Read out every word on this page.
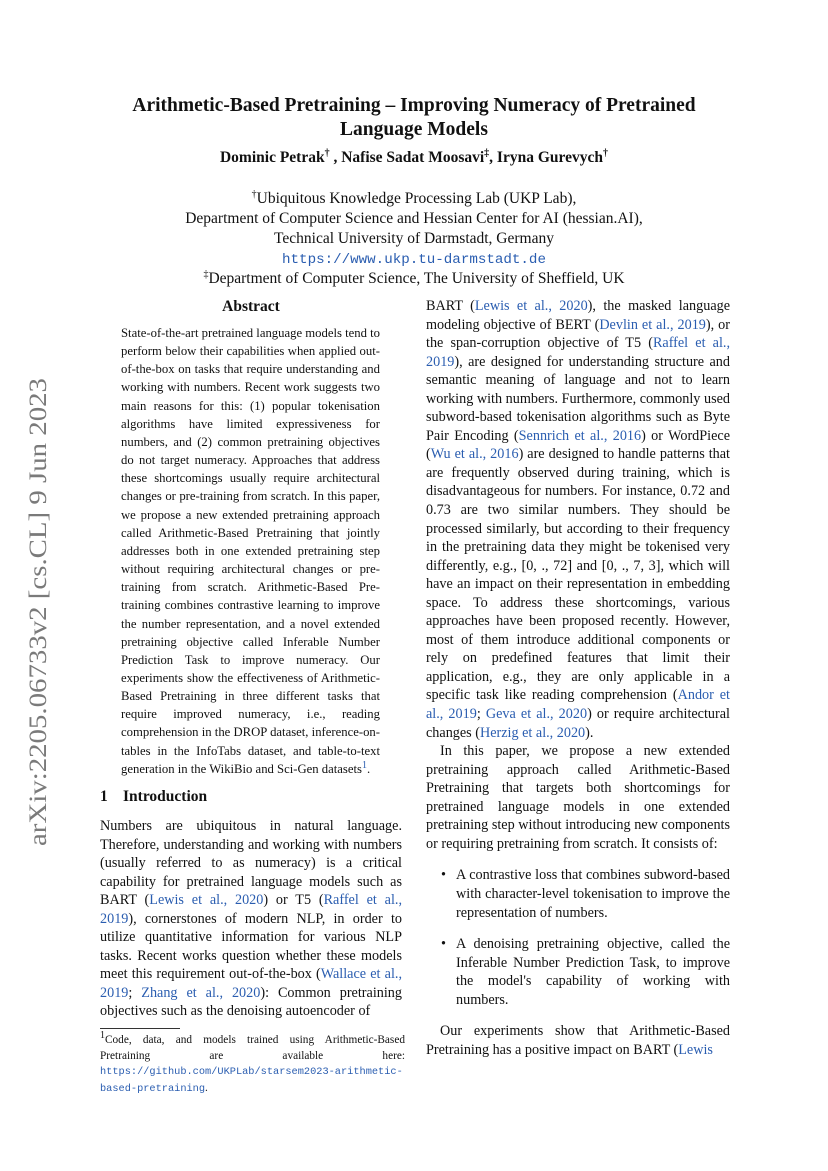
arXiv:2205.06733v2 [cs.CL] 9 Jun 2023
Arithmetic-Based Pretraining – Improving Numeracy of Pretrained
Language Models
Dominic Petrak† , Nafise Sadat Moosavi‡, Iryna Gurevych†
†Ubiquitous Knowledge Processing Lab (UKP Lab),
Department of Computer Science and Hessian Center for AI (hessian.AI),
Technical University of Darmstadt, Germany
https://www.ukp.tu-darmstadt.de
‡Department of Computer Science, The University of Sheffield, UK
Abstract
State-of-the-art pretrained language models tend to perform below their capabilities when applied out-of-the-box on tasks that require understanding and working with numbers. Recent work suggests two main reasons for this: (1) popular tokenisation algorithms have limited expressiveness for numbers, and (2) common pretraining objectives do not target numeracy. Approaches that address these shortcomings usually require architectural changes or pre-training from scratch. In this paper, we propose a new extended pretraining approach called Arithmetic-Based Pretraining that jointly addresses both in one extended pretraining step without requiring architectural changes or pre-training from scratch. Arithmetic-Based Pre-training combines contrastive learning to improve the number representation, and a novel extended pretraining objective called Inferable Number Prediction Task to improve numeracy. Our experiments show the effectiveness of Arithmetic-Based Pretraining in three different tasks that require improved numeracy, i.e., reading comprehension in the DROP dataset, inference-on-tables in the InfoTabs dataset, and table-to-text generation in the WikiBio and Sci-Gen datasets$^1$.
1 Introduction
Numbers are ubiquitous in natural language. Therefore, understanding and working with numbers (usually referred to as numeracy) is a critical capability for pretrained language models such as BART (Lewis et al., 2020) or T5 (Raffel et al., 2019), cornerstones of modern NLP, in order to utilize quantitative information for various NLP tasks. Recent works question whether these models meet this requirement out-of-the-box (Wallace et al., 2019; Zhang et al., 2020): Common pretraining objectives such as the denoising autoencoder of
$^1$Code, data, and models trained using Arithmetic-Based Pretraining are available here: https://github.com/UKPLab/starsem2023-arithmetic-based-pretraining.

BART (Lewis et al., 2020), the masked language modeling objective of BERT (Devlin et al., 2019), or the span-corruption objective of T5 (Raffel et al., 2019), are designed for understanding structure and semantic meaning of language and not to learn working with numbers. Furthermore, commonly used subword-based tokenisation algorithms such as Byte Pair Encoding (Sennrich et al., 2016) or WordPiece (Wu et al., 2016) are designed to handle patterns that are frequently observed during training, which is disadvantageous for numbers. For instance, 0.72 and 0.73 are two similar numbers. They should be processed similarly, but according to their frequency in the pretraining data they might be tokenised very differently, e.g., [0, ., 72] and [0, ., 7, 3], which will have an impact on their representation in embedding space. To address these shortcomings, various approaches have been proposed recently. However, most of them introduce additional components or rely on predefined features that limit their application, e.g., they are only applicable in a specific task like reading comprehension (Andor et al., 2019; Geva et al., 2020) or require architectural changes (Herzig et al., 2020).

In this paper, we propose a new extended pretraining approach called Arithmetic-Based Pretraining that targets both shortcomings for pretrained language models in one extended pretraining step without introducing new components or requiring pretraining from scratch. It consists of:

• A contrastive loss that combines subword-based with character-level tokenisation to improve the representation of numbers.
• A denoising pretraining objective, called the Inferable Number Prediction Task, to improve the model's capability of working with numbers.

Our experiments show that Arithmetic-Based Pretraining has a positive impact on BART (Lewis
